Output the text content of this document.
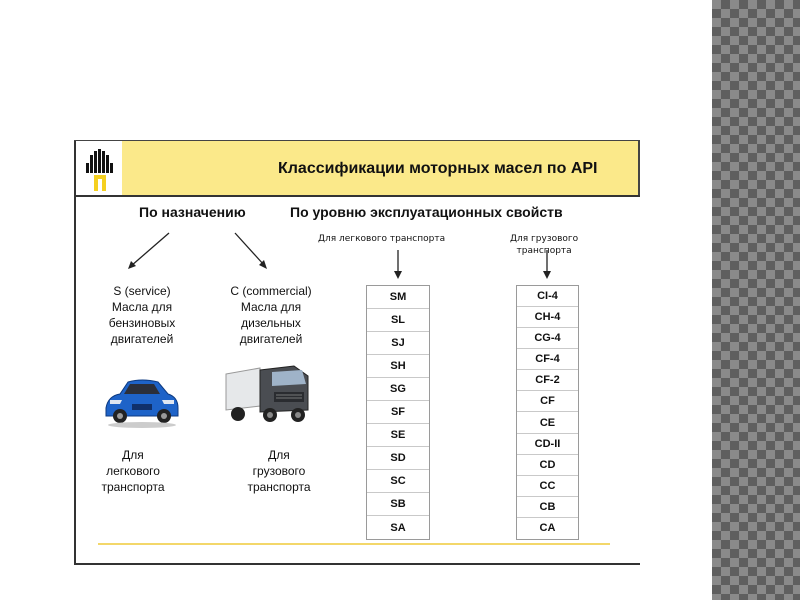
Классификации моторных масел по API
По назначению	По уровню эксплуатационных свойств
Для легкового транспорта	Для грузового
транспорта
S (service)
Масла для
бензиновых
двигателей
C (commercial)
Масла для
дизельных
двигателей
Для
легкового
транспорта
Для
грузового
транспорта
SM
SL
SJ
SH
SG
SF
SE
SD
SC
SB
SA
CI-4
CH-4
CG-4
CF-4
CF-2
CF
CE
CD-II
CD
CC
CB
CA
